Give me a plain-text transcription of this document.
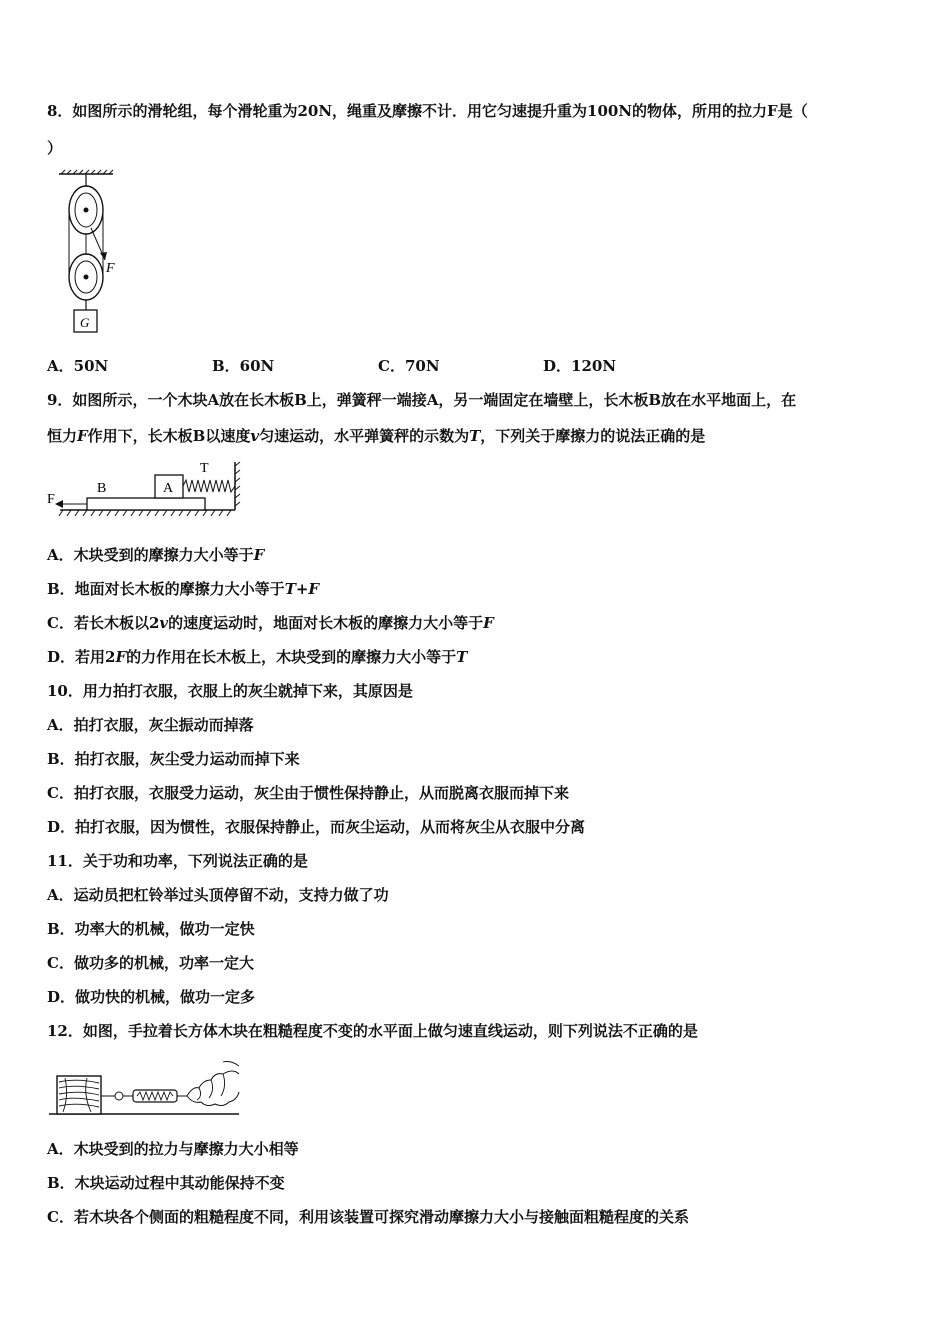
8．如图所示的滑轮组，每个滑轮重为20N，绳重及摩擦不计．用它匀速提升重为100N的物体，所用的拉力F是（
）
F
G
A．50N	B．60N	C．70N	D．120N
9．如图所示，一个木块A放在长木板B上，弹簧秤一端接A，另一端固定在墙壁上，长木板B放在水平地面上，在
恒力F作用下，长木板B以速度v匀速运动，水平弹簧秤的示数为T，下列关于摩擦力的说法正确的是
F
B	A
T
A．木块受到的摩擦力大小等于F
B．地面对长木板的摩擦力大小等于T+F
C．若长木板以2v的速度运动时，地面对长木板的摩擦力大小等于F
D．若用2F的力作用在长木板上，木块受到的摩擦力大小等于T
10．用力拍打衣服，衣服上的灰尘就掉下来，其原因是
A．拍打衣服，灰尘振动而掉落
B．拍打衣服，灰尘受力运动而掉下来
C．拍打衣服，衣服受力运动，灰尘由于惯性保持静止，从而脱离衣服而掉下来
D．拍打衣服，因为惯性，衣服保持静止，而灰尘运动，从而将灰尘从衣服中分离
11．关于功和功率，下列说法正确的是
A．运动员把杠铃举过头顶停留不动，支持力做了功
B．功率大的机械，做功一定快
C．做功多的机械，功率一定大
D．做功快的机械，做功一定多
12．如图，手拉着长方体木块在粗糙程度不变的水平面上做匀速直线运动，则下列说法不正确的是
A．木块受到的拉力与摩擦力大小相等
B．木块运动过程中其动能保持不变
C．若木块各个侧面的粗糙程度不同，利用该装置可探究滑动摩擦力大小与接触面粗糙程度的关系
